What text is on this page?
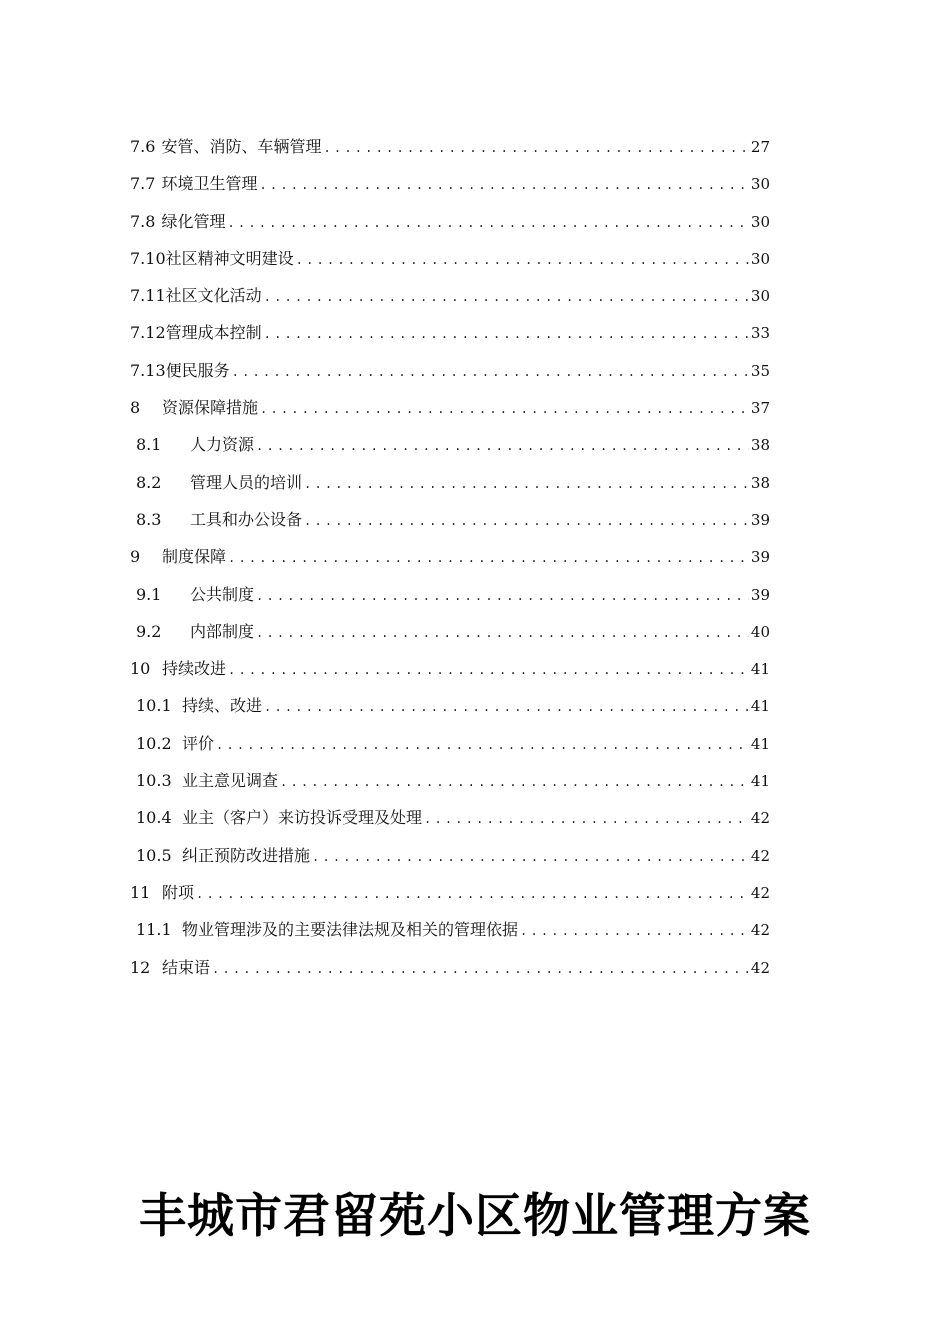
7.6 安管、消防、车辆管理 .....	27
7.7 环境卫生管理 .....	30
7.8 绿化管理 .....	30
7.10 社区精神文明建设 .....	30
7.11 社区文化活动 .....	30
7.12 管理成本控制 .....	33
7.13 便民服务 .....	35
8	资源保障措施 .....	37
8.1	人力资源 .....	38
8.2	管理人员的培训 .....	38
8.3	工具和办公设备 .....	39
9	制度保障 .....	39
9.1	公共制度 .....	39
9.2	内部制度 .....	40
10 持续改进 .....	41
10.1 持续、改进 .....	41
10.2 评价 .....	41
10.3 业主意见调查 .....	41
10.4 业主（客户）来访投诉受理及处理 .....	42
10.5 纠正预防改进措施 .....	42
11 附项 .....	42
11.1 物业管理涉及的主要法律法规及相关的管理依据 .....	42
12 结束语 .....	42
丰城市君留苑小区物业管理方案
